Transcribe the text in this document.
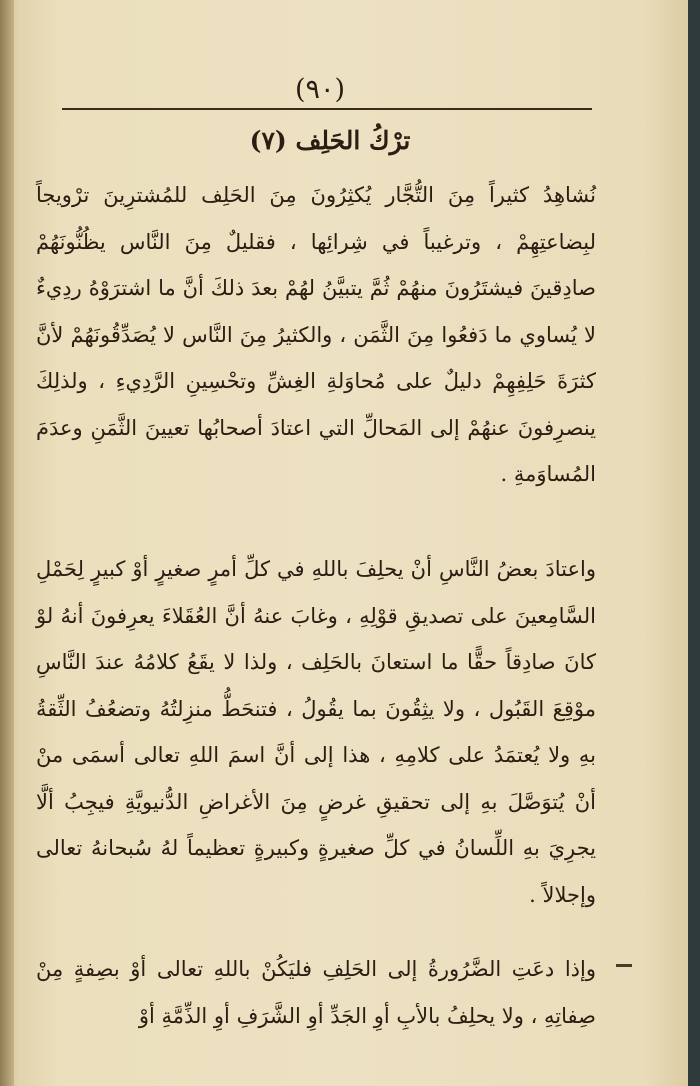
(٩٠)

(٧) ترْكُ الحَلِف

نُشاهِدُ كثيراً مِنَ التُّجَّار يُكثِرُونَ مِنَ الحَلِف للمُشترِينَ ترْويجاً لبِضاعتِهِمْ ، وترغيباً في شِرائِها ، فقليلٌ مِنَ النَّاس يظُنُّونَهُمْ صادِقينَ فيشتَرُونَ منهُمْ ثُمَّ يتبيَّنُ لهُمْ بعدَ ذلكَ أنَّ ما اشترَوْهُ ردِيءٌ لا يُساوي ما دَفعُوا مِنَ الثَّمَن ، والكثيرُ مِنَ النَّاس لا يُصَدِّقُونَهُمْ لأنَّ كثرَةَ حَلِفِهِمْ دليلٌ على مُحاوَلةِ الغِشِّ وتحْسِينِ الرَّدِيءِ ، ولذلِكَ ينصرِفونَ عنهُمْ إلى المَحالِّ التي اعتادَ أصحابُها تعيينَ الثَّمَنِ وعدَمَ المُساوَمةِ .

واعتادَ بعضُ النَّاسِ أنْ يحلِفَ باللهِ في كلِّ أمرٍ صغيرٍ أوْ كبيرٍ لِحَمْلِ السَّامِعينَ على تصديقِ قوْلِهِ ، وغابَ عنهُ أنَّ العُقَلاءَ يعرِفونَ أنهُ لوْ كانَ صادِقاً حقًّا ما استعانَ بالحَلِف ، ولذا لا يقَعُ كلامُهُ عندَ النَّاسِ موْقِعَ القَبُول ، ولا يثِقُونَ بما يقُولُ ، فتنحَطُّ منزِلتُهُ وتضعُفُ الثِّقةُ بهِ ولا يُعتمَدُ على كلامِهِ ، هذا إلى أنَّ اسمَ اللهِ تعالى أسمَى منْ أنْ يُتوَصَّلَ بهِ إلى تحقيقِ غرضٍ مِنَ الأغراضِ الدُّنيويَّةِ فيجِبُ ألَّا يجرِيَ بهِ اللِّسانُ في كلِّ صغيرةٍ وكبيرةٍ تعظيماً لهُ سُبحانهُ تعالى وإجلالاً .

وإذا دعَتِ الضَّرُورةُ إلى الحَلِفِ فليَكُنْ باللهِ تعالى أوْ بصِفةٍ مِنْ صِفاتِهِ ، ولا يحلِفُ بالأبِ أوِ الجَدِّ أوِ الشَّرَفِ أوِ الذِّمَّةِ أوْ
